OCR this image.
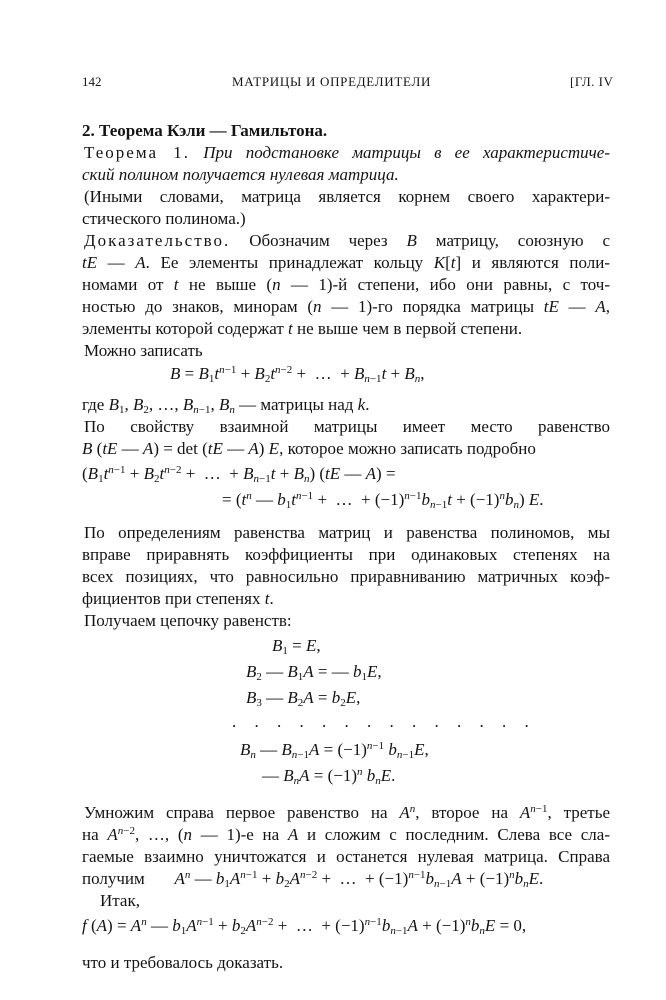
142	МАТРИЦЫ И ОПРЕДЕЛИТЕЛИ	[ГЛ. IV
2. Теорема Кэли — Гамильтона.
Теорема 1. При подстановке матрицы в ее характеристиче-
ский полином получается нулевая матрица.
(Иными словами, матрица является корнем своего характери-
стического полинома.)
Доказательство. Обозначим через B матрицу, союзную с
tE — A. Ее элементы принадлежат кольцу K[t] и являются поли-
номами от t не выше (n — 1)-й степени, ибо они равны, с точ-
ностью до знаков, минорам (n — 1)-го порядка матрицы tE — A,
элементы которой содержат t не выше чем в первой степени.
Можно записать
$B = B_1t^{n-1} + B_2t^{n-2}$ +  …  + $B_{n-1}t + B_n$,
где $B_1$, $B_2$, …, $B_{n-1}$, $B_n$ — матрицы над k.
По свойству взаимной матрицы имеет место равенство
B (tE — A) = det (tE — A) E, которое можно записать подробно
($B_1t^{n-1} + B_2t^{n-2}$ +  …  + $B_{n-1}t + B_n$) (tE — A) =
= ($t^n$ — $b_1t^{n-1}$ +  …  + $(-1)^{n-1}b_{n-1}t + (-1)^nb_n$) E.
По определениям равенства матриц и равенства полиномов, мы
вправе приравнять коэффициенты при одинаковых степенях на
всех позициях, что равносильно приравниванию матричных коэф-
фициентов при степенях t.
Получаем цепочку равенств:
$B_1 = E$,
$B_2$ — $B_1A$ = — $b_1E$,
$B_3$ — $B_2A = b_2E$,
. . . . . . . . . . . . . .
$B_n$ — $B_{n-1}A = (-1)^{n-1}$ $b_{n-1}E$,
— $B_nA = (-1)^n$ $b_nE$.
Умножим справа первое равенство на $A^n$, второе на $A^{n-1}$, третье
на $A^{n-2}$, …, (n — 1)-е на A и сложим с последним. Слева все сла-
гаемые взаимно уничтожатся и останется нулевая матрица. Справа
получим $A^n$ — $b_1A^{n-1} + b_2A^{n-2}$ +  …  + $(-1)^{n-1}b_{n-1}A + (-1)^nb_nE$.
Итак,
f $(A) = A^n$ — $b_1A^{n-1} + b_2A^{n-2}$ +  …  + $(-1)^{n-1}b_{n-1}A + (-1)^nb_nE = 0$,
что и требовалось доказать.
